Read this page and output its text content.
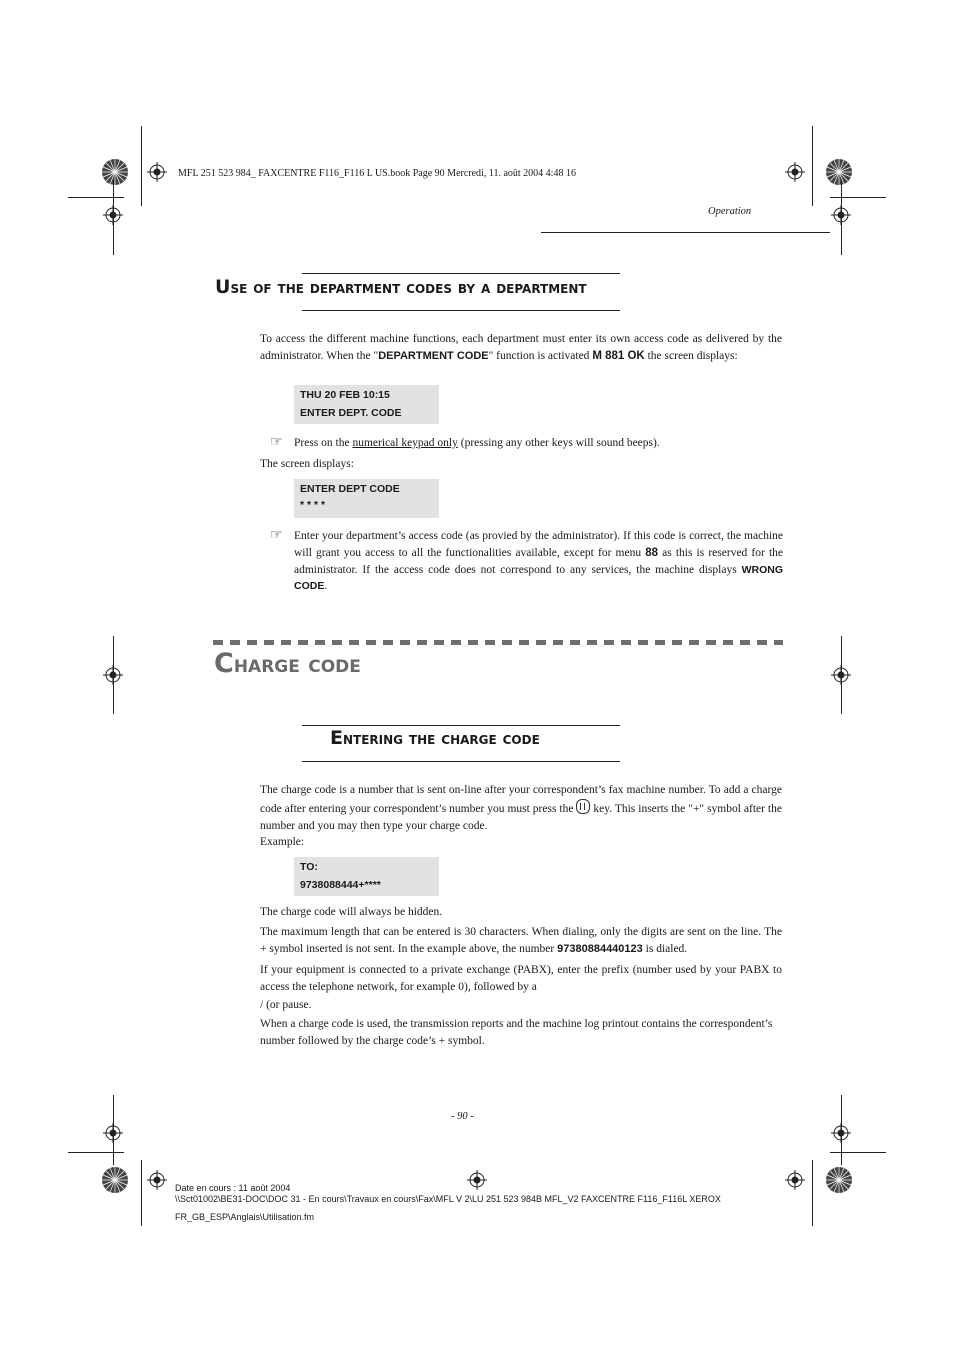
MFL 251 523 984_ FAXCENTRE F116_F116 L US.book Page 90 Mercredi, 11. août 2004 4:48 16
Operation
Use of the department codes by a department
To access the different machine functions, each department must enter its own access code as delivered by the administrator. When the "DEPARTMENT CODE" function is activated M 881 OK the screen displays:
THU 20 FEB 10:15
ENTER DEPT. CODE
☞ Press on the numerical keypad only (pressing any other keys will sound beeps).
The screen displays:
ENTER DEPT CODE
* * * *
☞ Enter your department’s access code (as provied by the administrator). If this code is correct, the machine will grant you access to all the functionalities available, except for menu 88 as this is reserved for the administrator. If the access code does not correspond to any services, the machine displays WRONG CODE.
Charge code
Entering the charge code
The charge code is a number that is sent on-line after your correspondent’s fax machine number. To add a charge code after entering your correspondent’s number you must press the
key. This inserts the "+" symbol after the number and you may then type your charge code.
Example:
TO:
9738088444+****
The charge code will always be hidden.
The maximum length that can be entered is 30 characters. When dialing, only the digits are sent on the line. The + symbol inserted is not sent. In the example above, the number 97380884440123 is dialed.
If your equipment is connected to a private exchange (PABX), enter the prefix (number used by your PABX to access the telephone network, for example 0), followed by a
/ (or pause.
When a charge code is used, the transmission reports and the machine log printout contains the correspondent’s number followed by the charge code’s + symbol.
- 90 -
Date en cours : 11 août 2004
\\Sct01002\BE31-DOC\DOC 31 - En cours\Travaux en cours\Fax\MFL V 2\LU 251 523 984B MFL_V2 FAXCENTRE F116_F116L XEROX
FR_GB_ESP\Anglais\Utilisation.fm
